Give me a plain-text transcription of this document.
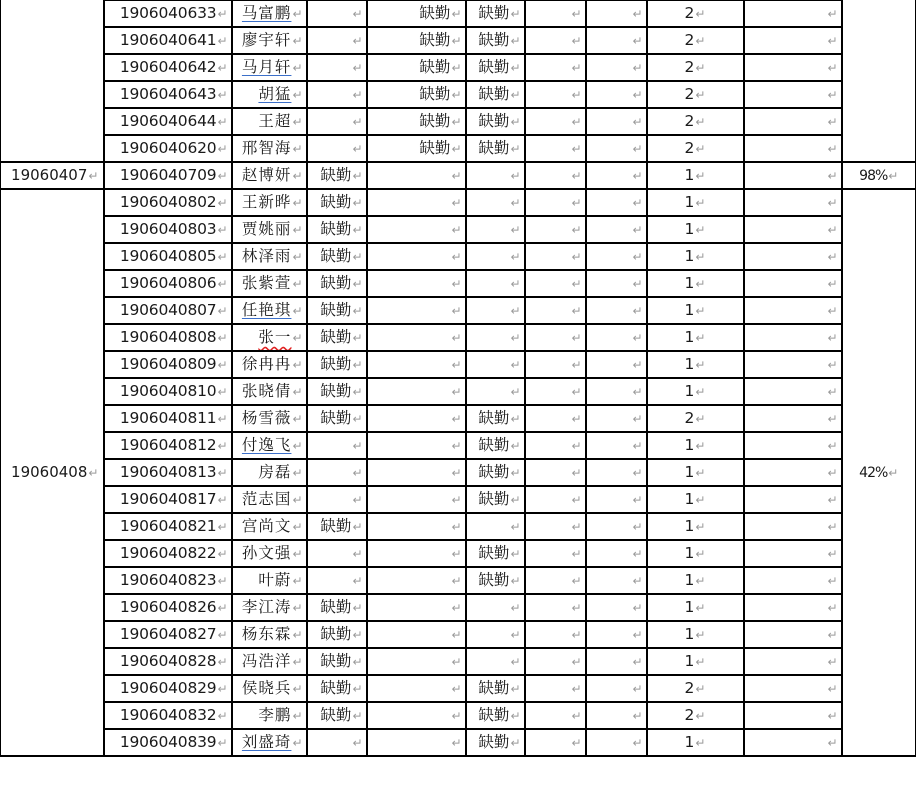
	1906040633↵	马富鹏↵	↵	缺勤↵	缺勤↵	↵	↵	2↵	↵	
	1906040641↵	廖宇轩↵	↵	缺勤↵	缺勤↵	↵	↵	2↵	↵	
	1906040642↵	马月轩↵	↵	缺勤↵	缺勤↵	↵	↵	2↵	↵	
	1906040643↵	胡猛↵	↵	缺勤↵	缺勤↵	↵	↵	2↵	↵	
	1906040644↵	王超↵	↵	缺勤↵	缺勤↵	↵	↵	2↵	↵	
	1906040620↵	邢智海↵	↵	缺勤↵	缺勤↵	↵	↵	2↵	↵	
19060407↵	1906040709↵	赵博妍↵	缺勤↵	↵	↵	↵	↵	1↵	↵	98%↵
19060408↵	1906040802↵	王新晔↵	缺勤↵	↵	↵	↵	↵	1↵	↵	42%↵
	1906040803↵	贾姚丽↵	缺勤↵	↵	↵	↵	↵	1↵	↵	
	1906040805↵	林泽雨↵	缺勤↵	↵	↵	↵	↵	1↵	↵	
	1906040806↵	张紫萱↵	缺勤↵	↵	↵	↵	↵	1↵	↵	
	1906040807↵	任艳琪↵	缺勤↵	↵	↵	↵	↵	1↵	↵	
	1906040808↵	张一↵	缺勤↵	↵	↵	↵	↵	1↵	↵	
	1906040809↵	徐冉冉↵	缺勤↵	↵	↵	↵	↵	1↵	↵	
	1906040810↵	张晓倩↵	缺勤↵	↵	↵	↵	↵	1↵	↵	
	1906040811↵	杨雪薇↵	缺勤↵	↵	缺勤↵	↵	↵	2↵	↵	
	1906040812↵	付逸飞↵	↵	↵	缺勤↵	↵	↵	1↵	↵	
	1906040813↵	房磊↵	↵	↵	缺勤↵	↵	↵	1↵	↵	
	1906040817↵	范志国↵	↵	↵	缺勤↵	↵	↵	1↵	↵	
	1906040821↵	宫尚文↵	缺勤↵	↵	↵	↵	↵	1↵	↵	
	1906040822↵	孙文强↵	↵	↵	缺勤↵	↵	↵	1↵	↵	
	1906040823↵	叶蔚↵	↵	↵	缺勤↵	↵	↵	1↵	↵	
	1906040826↵	李江涛↵	缺勤↵	↵	↵	↵	↵	1↵	↵	
	1906040827↵	杨东霖↵	缺勤↵	↵	↵	↵	↵	1↵	↵	
	1906040828↵	冯浩洋↵	缺勤↵	↵	↵	↵	↵	1↵	↵	
	1906040829↵	侯晓兵↵	缺勤↵	↵	缺勤↵	↵	↵	2↵	↵	
	1906040832↵	李鹏↵	缺勤↵	↵	缺勤↵	↵	↵	2↵	↵	
	1906040839↵	刘盛琦↵	↵	↵	缺勤↵	↵	↵	1↵	↵	
